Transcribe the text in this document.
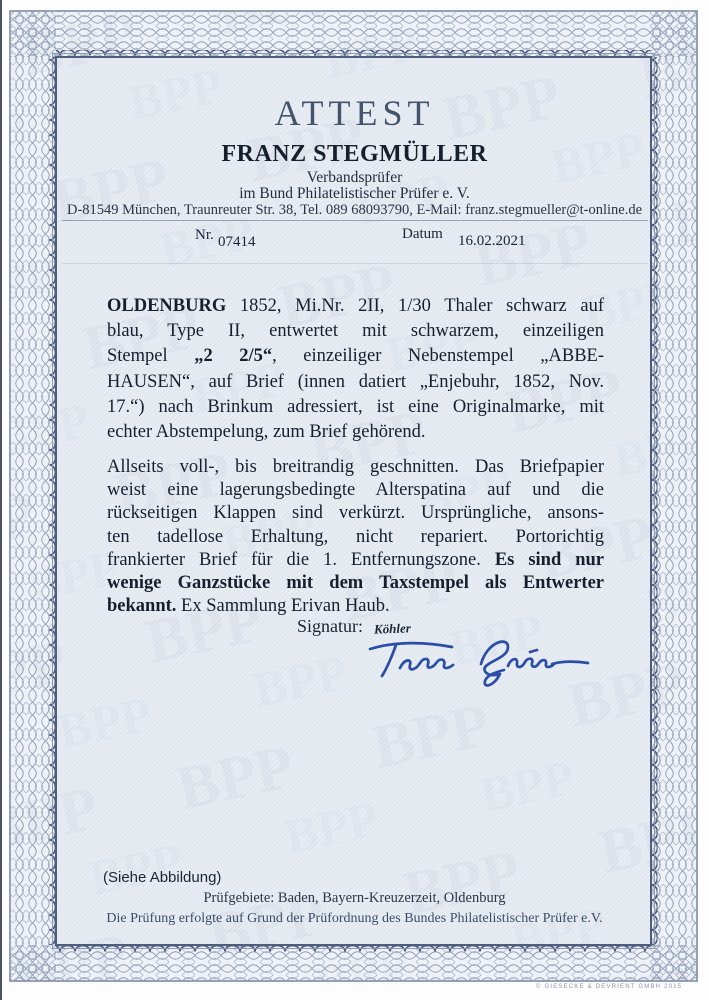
ATTEST
FRANZ STEGMÜLLER
Verbandsprüfer
im Bund Philatelistischer Prüfer e. V.
D-81549 München, Traunreuter Str. 38, Tel. 089 68093790, E-Mail: franz.stegmueller@t-online.de
Nr. 07414	Datum 16.02.2021
OLDENBURG 1852, Mi.Nr. 2II, 1/30 Thaler schwarz auf
blau, Type II, entwertet mit schwarzem, einzeiligen
Stempel „2 2/5“, einzeiliger Nebenstempel „ABBE-
HAUSEN“, auf Brief (innen datiert „Enjebuhr, 1852, Nov.
17.“) nach Brinkum adressiert, ist eine Originalmarke, mit
echter Abstempelung, zum Brief gehörend.
Allseits voll-, bis breitrandig geschnitten. Das Briefpapier
weist eine lagerungsbedingte Alterspatina auf und die
rückseitigen Klappen sind verkürzt. Ursprüngliche, ansons-
ten tadellose Erhaltung, nicht repariert. Portorichtig
frankierter Brief für die 1. Entfernungszone. Es sind nur
wenige Ganzstücke mit dem Taxstempel als Entwerter
bekannt. Ex Sammlung Erivan Haub.
Signatur: Köhler
(Siehe Abbildung)
Prüfgebiete: Baden, Bayern-Kreuzerzeit, Oldenburg
Die Prüfung erfolgte auf Grund der Prüfordnung des Bundes Philatelistischer Prüfer e.V.
© GIESECKE & DEVRIENT GMBH 2015
